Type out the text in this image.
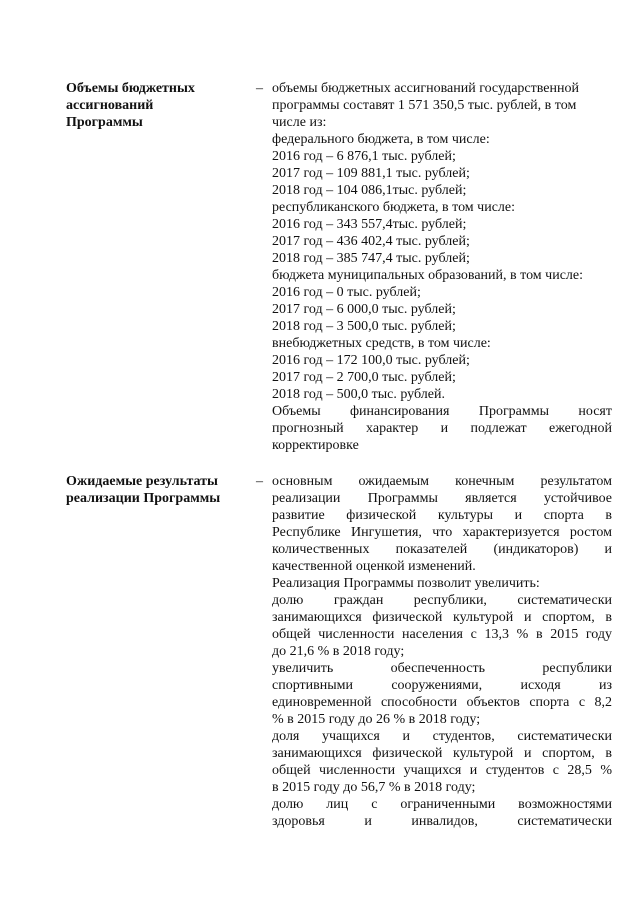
Объемы бюджетных
ассигнований
Программы
– объемы бюджетных ассигнований государственной
программы составят 1 571 350,5 тыс. рублей, в том
числе из:
федерального бюджета, в том числе:
2016 год – 6 876,1 тыс. рублей;
2017 год – 109 881,1 тыс. рублей;
2018 год – 104 086,1тыс. рублей;
республиканского бюджета, в том числе:
2016 год – 343 557,4тыс. рублей;
2017 год – 436 402,4 тыс. рублей;
2018 год – 385 747,4 тыс. рублей;
бюджета муниципальных образований, в том числе:
2016 год – 0 тыс. рублей;
2017 год – 6 000,0 тыс. рублей;
2018 год – 3 500,0 тыс. рублей;
внебюджетных средств, в том числе:
2016 год – 172 100,0 тыс. рублей;
2017 год – 2 700,0 тыс. рублей;
2018 год – 500,0 тыс. рублей.
Объемы финансирования Программы носят
прогнозный характер и подлежат ежегодной
корректировке
Ожидаемые результаты
реализации Программы
– основным ожидаемым конечным результатом
реализации Программы является устойчивое
развитие физической культуры и спорта в
Республике Ингушетия, что характеризуется ростом
количественных показателей (индикаторов) и
качественной оценкой изменений.
Реализация Программы позволит увеличить:
долю граждан республики, систематически
занимающихся физической культурой и спортом, в
общей численности населения с 13,3 % в 2015 году
до 21,6 % в 2018 году;
увеличить обеспеченность республики
спортивными сооружениями, исходя из
единовременной способности объектов спорта с 8,2
% в 2015 году до 26 % в 2018 году;
доля учащихся и студентов, систематически
занимающихся физической культурой и спортом, в
общей численности учащихся и студентов с 28,5 %
в 2015 году до 56,7 % в 2018 году;
долю лиц с ограниченными возможностями
здоровья и инвалидов, систематически
